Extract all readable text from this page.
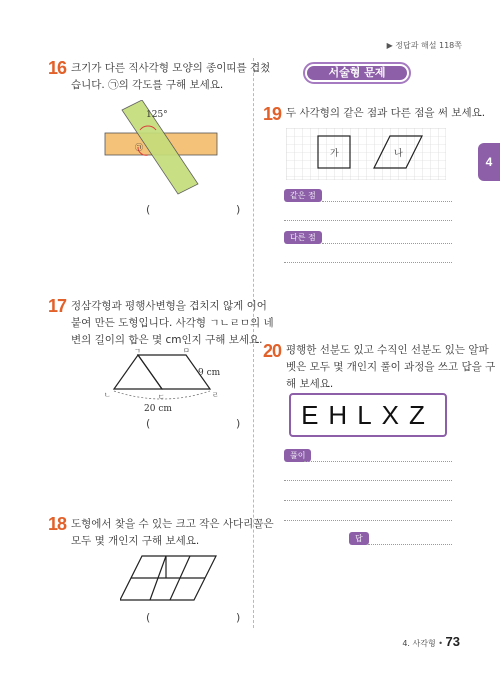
▶ 정답과 해설 118쪽
4
16 크기가 다른 직사각형 모양의 종이띠를 겹쳤
습니다. ㉠의 각도를 구해 보세요.
125°
㉠
(	)
17 정삼각형과 평행사변형을 겹치지 않게 이어
붙여 만든 도형입니다. 사각형 ㄱㄴㄹㅁ의 네
변의 길이의 합은 몇 cm인지 구해 보세요.
ㄱ	ㅁ
ㄴ	ㄷ	ㄹ
9 cm
20 cm
(	)
18 도형에서 찾을 수 있는 크고 작은 사다리꼴은
모두 몇 개인지 구해 보세요.
(	)
서술형 문제
19 두 사각형의 같은 점과 다른 점을 써 보세요.
가	나
같은 점
다른 점
20 평행한 선분도 있고 수직인 선분도 있는 알파
벳은 모두 몇 개인지 풀이 과정을 쓰고 답을 구
해 보세요.
EHLXZ
풀이
답
4. 사각형 • 73
